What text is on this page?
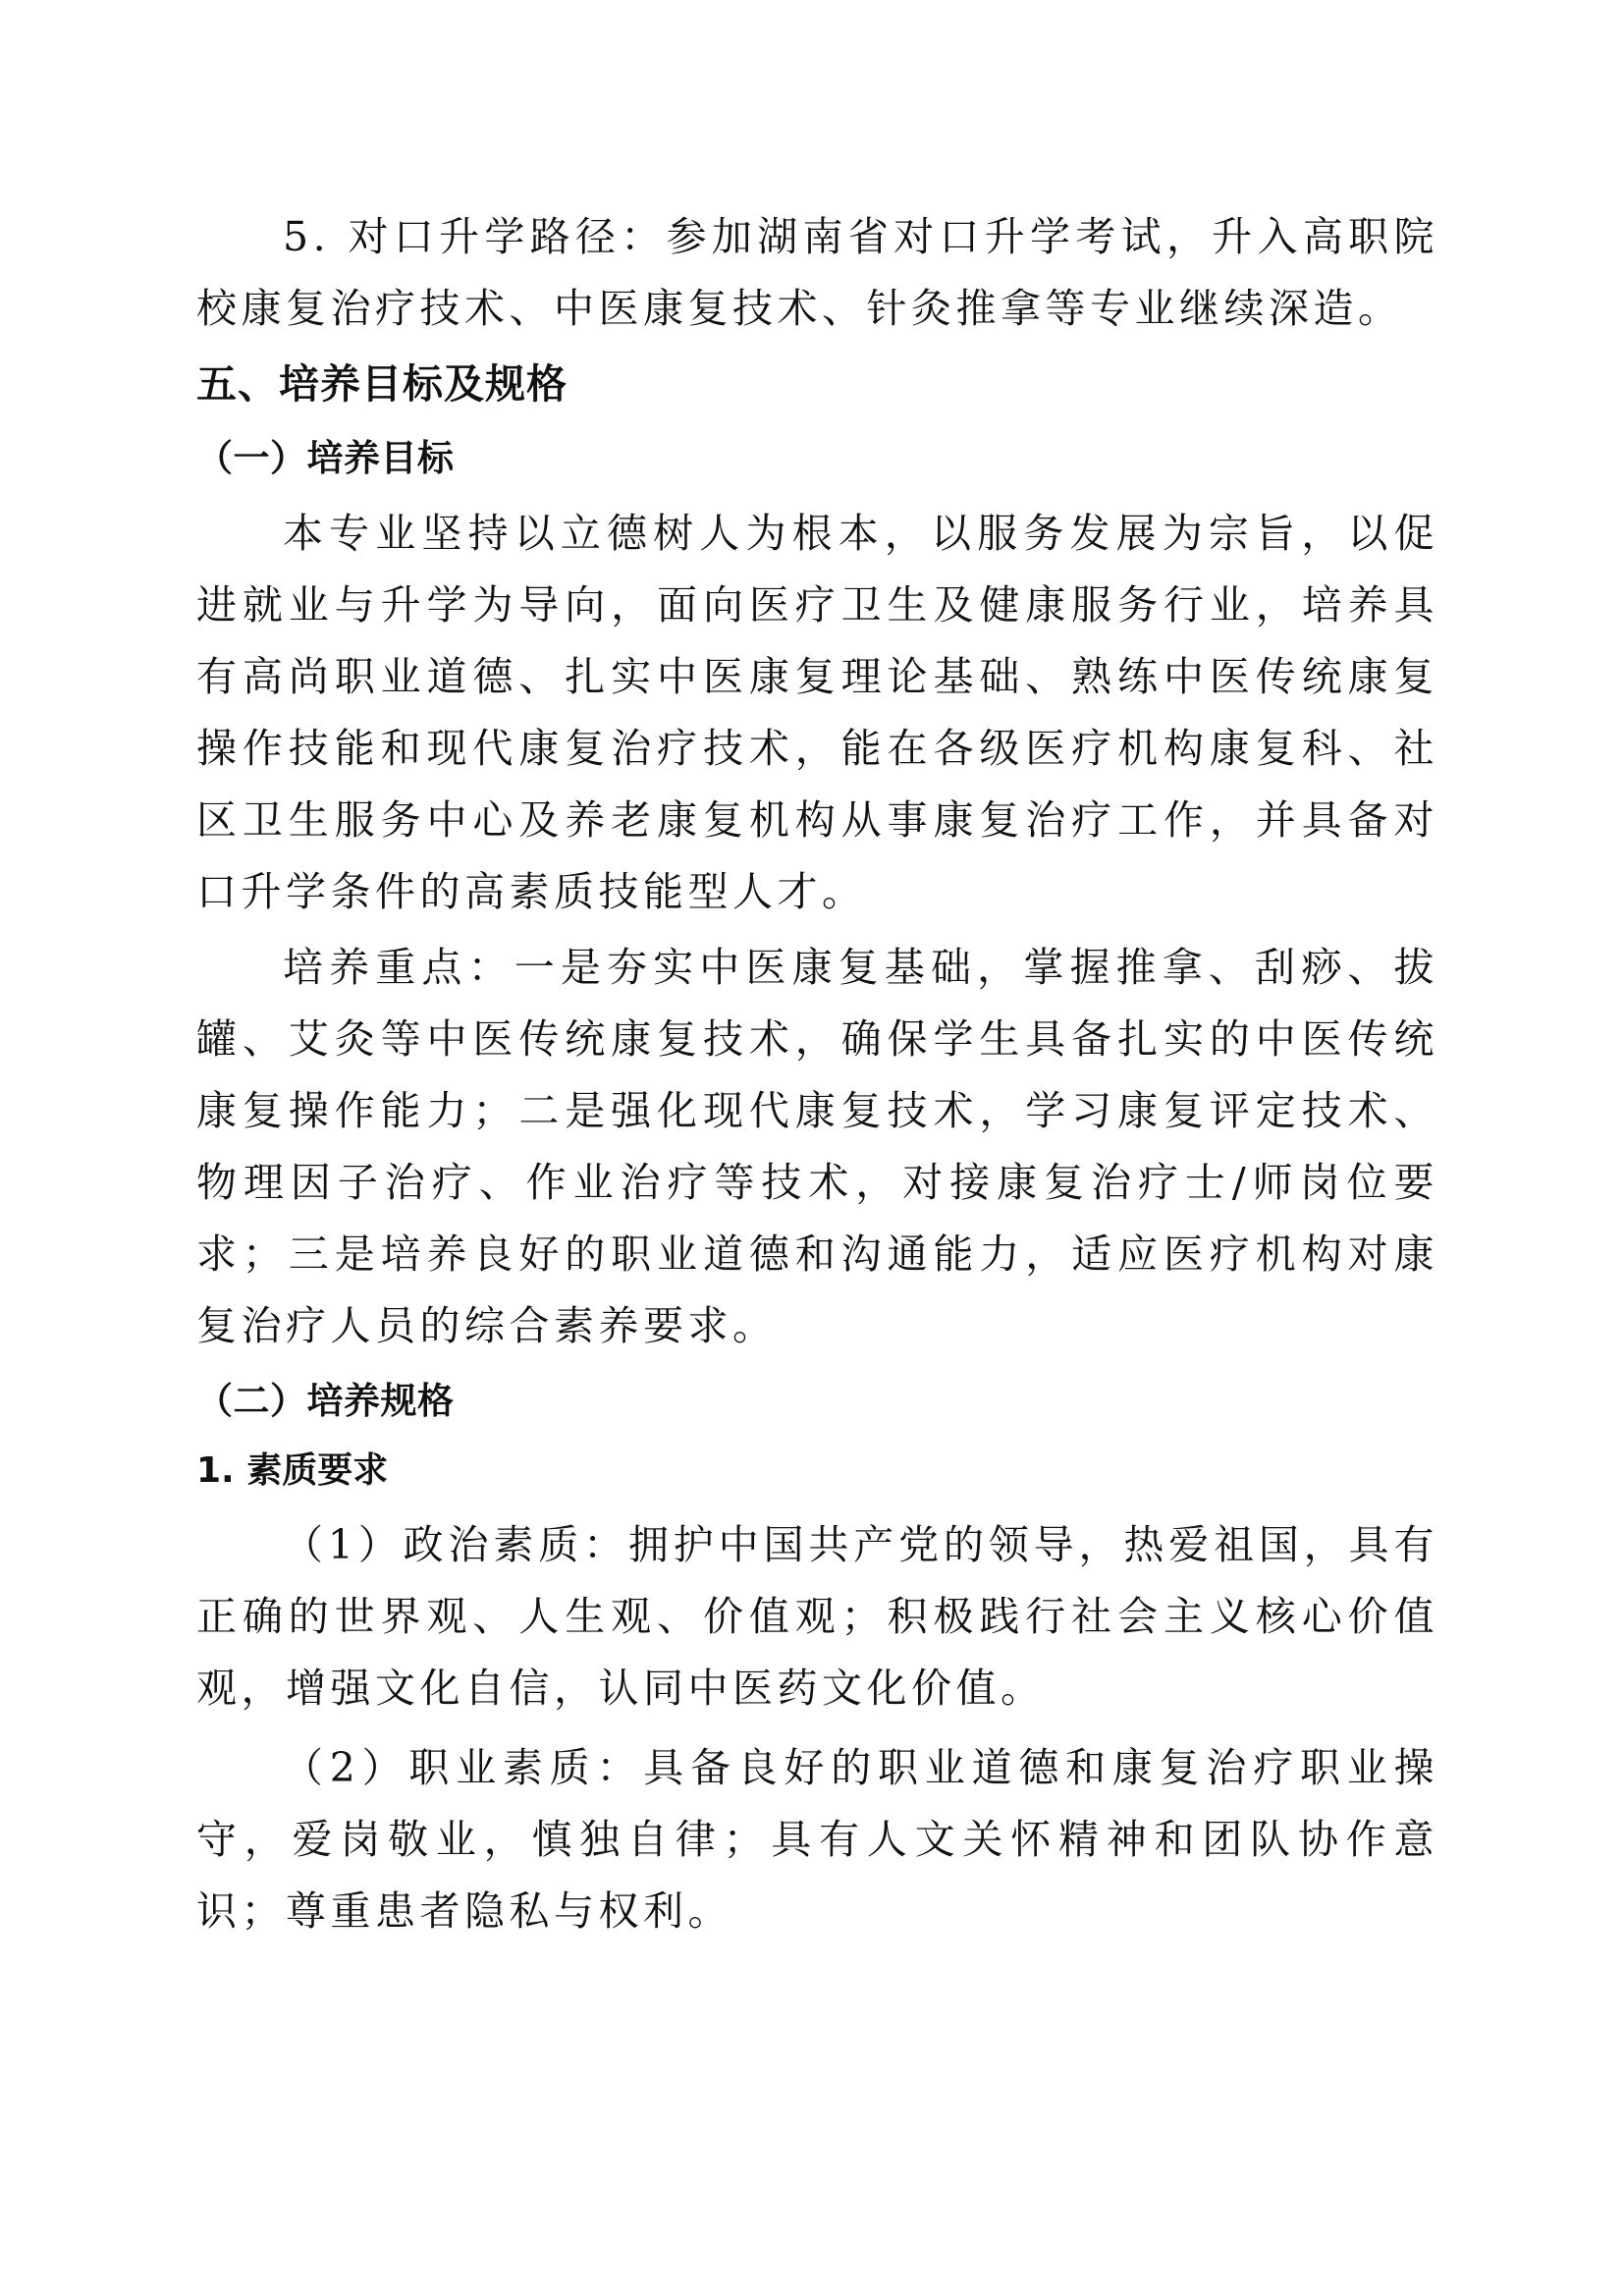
5. 对口升学路径：参加湖南省对口升学考试，升入高职院校康复治疗技术、中医康复技术、针灸推拿等专业继续深造。

五、培养目标及规格
（一）培养目标

本专业坚持以立德树人为根本，以服务发展为宗旨，以促进就业与升学为导向，面向医疗卫生及健康服务行业，培养具有高尚职业道德、扎实中医康复理论基础、熟练中医传统康复操作技能和现代康复治疗技术，能在各级医疗机构康复科、社区卫生服务中心及养老康复机构从事康复治疗工作，并具备对口升学条件的高素质技能型人才。

培养重点：一是夯实中医康复基础，掌握推拿、刮痧、拔罐、艾灸等中医传统康复技术，确保学生具备扎实的中医传统康复操作能力；二是强化现代康复技术，学习康复评定技术、物理因子治疗、作业治疗等技术，对接康复治疗士/师岗位要求；三是培养良好的职业道德和沟通能力，适应医疗机构对康复治疗人员的综合素养要求。

（二）培养规格
1. 素质要求

（1）政治素质：拥护中国共产党的领导，热爱祖国，具有正确的世界观、人生观、价值观；积极践行社会主义核心价值观，增强文化自信，认同中医药文化价值。

（2）职业素质：具备良好的职业道德和康复治疗职业操守，爱岗敬业，慎独自律；具有人文关怀精神和团队协作意识；尊重患者隐私与权利。
